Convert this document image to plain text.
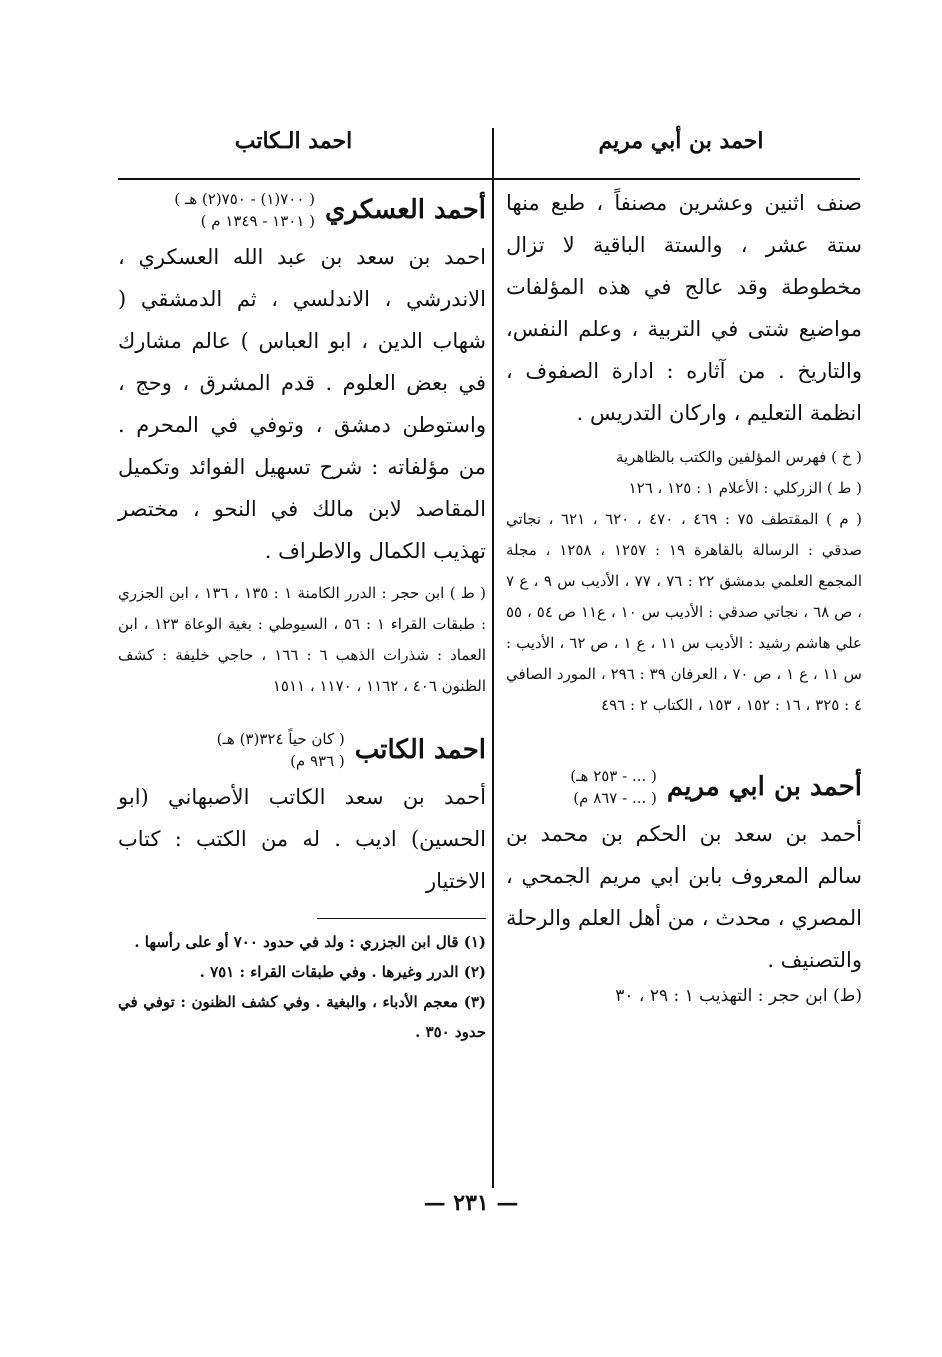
احمد بن أبي مريم
احمد الـكاتب

صنف اثنين وعشرين مصنفاً ، طبع منها ستة عشر ، والستة الباقية لا تزال مخطوطة وقد عالج في هذه المؤلفات مواضيع شتى في التربية ، وعلم النفس، والتاريخ . من آثاره : ادارة الصفوف ، انظمة التعليم ، واركان التدريس .

( خ ) فهرس المؤلفين والكتب بالظاهرية

( ط ) الزركلي : الأعلام ١ : ١٢٥ ، ١٢٦

( م ) المقتطف ٧٥ : ٤٦٩ ، ٤٧٠ ، ٦٢٠ ، ٦٢١ ، نجاتي صدقي : الرسالة بالقاهرة ١٩ : ١٢٥٧ ، ١٢٥٨ ، مجلة المجمع العلمي بدمشق ٢٢ : ٧٦ ، ٧٧ ، الأديب س ٩ ، ع ٧ ، ص ٦٨ ، نجاتي صدقي : الأديب س ١٠ ، ع١١ ص ٥٤ ، ٥٥ علي هاشم رشيد : الأديب س ١١ ، ع ١ ، ص ٦٢ ، الأديب : س ١١ ، ع ١ ، ص ٧٠ ، العرفان ٣٩ : ٢٩٦ ، المورد الصافي ٤ : ٣٢٥ ، ١٦ : ١٥٢ ، ١٥٣ ، الكتاب ٢ : ٤٩٦

أحمد بن ابي مريم
( ... - ٢٥٣ هـ)
( ... - ٨٦٧ م)

أحمد بن سعد بن الحكم بن محمد بن سالم المعروف بابن ابي مريم الجمحي ، المصري ، محدث ، من أهل العلم والرحلة والتصنيف .

(ط) ابن حجر : التهذيب ١ : ٢٩ ، ٣٠

أحمد العسكري
( ٧٠٠(١) - ٧٥٠(٢) هـ )
( ١٣٠١ - ١٣٤٩ م )

احمد بن سعد بن عبد الله العسكري ، الاندرشي ، الاندلسي ، ثم الدمشقي ( شهاب الدين ، ابو العباس ) عالم مشارك في بعض العلوم . قدم المشرق ، وحج ، واستوطن دمشق ، وتوفي في المحرم . من مؤلفاته : شرح تسهيل الفوائد وتكميل المقاصد لابن مالك في النحو ، مختصر تهذيب الكمال والاطراف .

( ط ) ابن حجر : الدرر الكامنة ١ : ١٣٥ ، ١٣٦ ، ابن الجزري : طبقات القراء ١ : ٥٦ ، السيوطي : بغية الوعاة ١٢٣ ، ابن العماد : شذرات الذهب ٦ : ١٦٦ ، حاجي خليفة : كشف الظنون ٤٠٦ ، ١١٦٢ ، ١١٧٠ ، ١٥١١

احمد الكاتب
( كان حياً ٣٢٤(٣) هـ)
( ٩٣٦ م)

أحمد بن سعد الكاتب الأصبهاني (ابو الحسين) اديب . له من الكتب : كتاب الاختيار

(١) قال ابن الجزري : ولد في حدود ٧٠٠ أو على رأسها .

(٢) الدرر وغيرها . وفي طبقات القراء : ٧٥١ .

(٣) معجم الأدباء ، والبغية . وفي كشف الظنون : توفي في حدود ٣٥٠ .

— ٢٣١ —
